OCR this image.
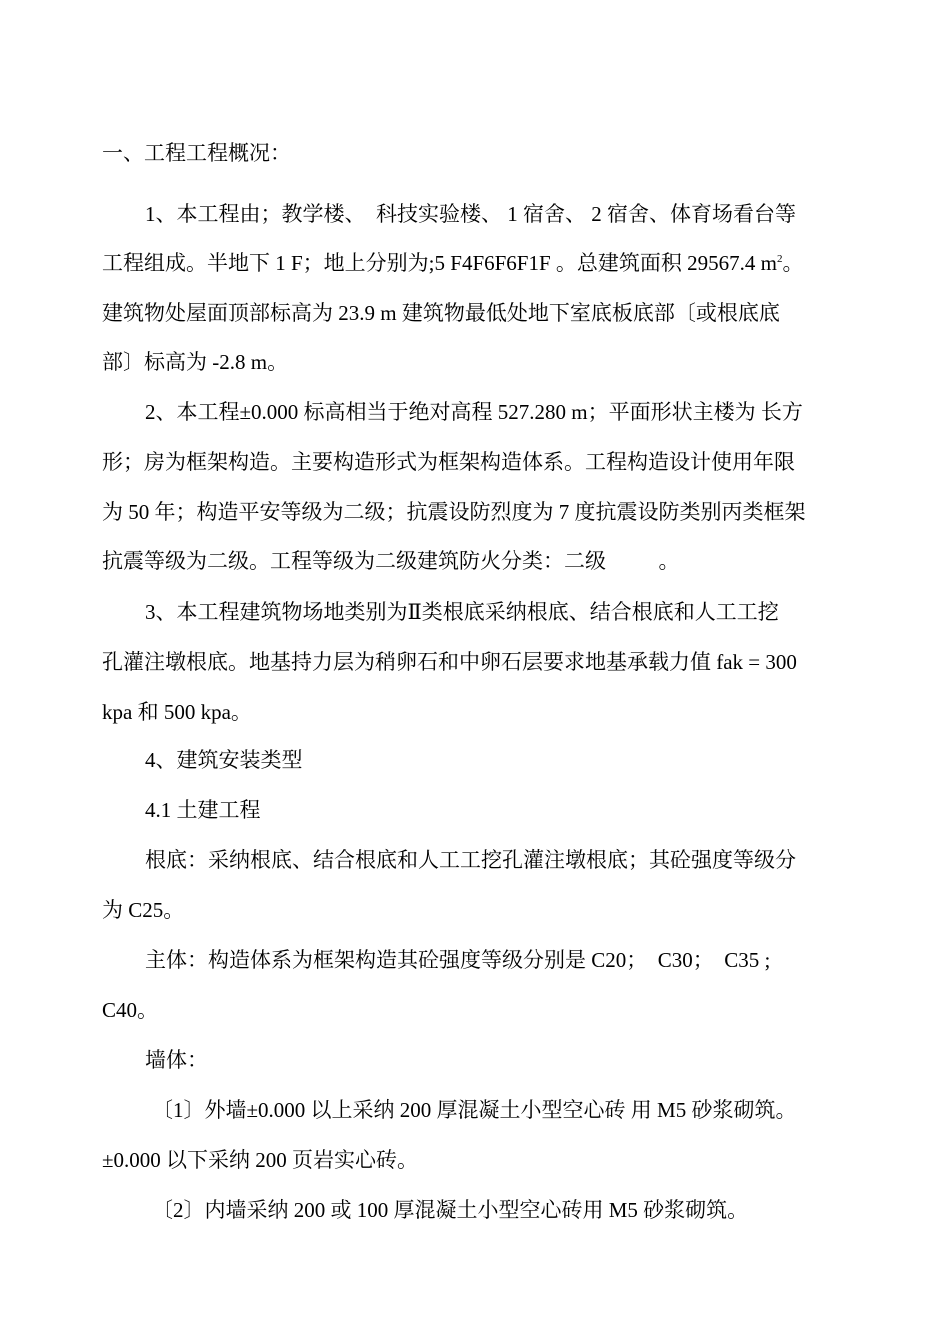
一、工程工程概况：
1、本工程由；教学楼、  科技实验楼、 1 宿舍、 2 宿舍、体育场看台等
工程组成。半地下 1 F；地上分别为;5 F4F6F6F1F 。总建筑面积 29567.4 $m^2$。
建筑物处屋面顶部标高为 23.9 m 建筑物最低处地下室底板底部〔或根底底
部〕标高为 -2.8 m。
2、本工程±0.000 标高相当于绝对高程 527.280 m；平面形状主楼为 长方
形；房为框架构造。主要构造形式为框架构造体系。工程构造设计使用年限
为 50 年；构造平安等级为二级；抗震设防烈度为 7 度抗震设防类别丙类框架
抗震等级为二级。工程等级为二级建筑防火分类：二级          。
3、本工程建筑物场地类别为Ⅱ类根底采纳根底、结合根底和人工工挖
孔灌注墩根底。地基持力层为稍卵石和中卵石层要求地基承载力值 fak = 300
kpa 和 500 kpa。
4、建筑安装类型
4.1 土建工程
根底：采纳根底、结合根底和人工工挖孔灌注墩根底；其砼强度等级分
为 C25。
主体：构造体系为框架构造其砼强度等级分别是 C20；  C30；  C35 ;
C40。
墙体：
〔1〕外墙±0.000 以上采纳 200 厚混凝土小型空心砖 用 M5 砂浆砌筑。
±0.000 以下采纳 200 页岩实心砖。
〔2〕内墙采纳 200 或 100 厚混凝土小型空心砖用 M5 砂浆砌筑。
